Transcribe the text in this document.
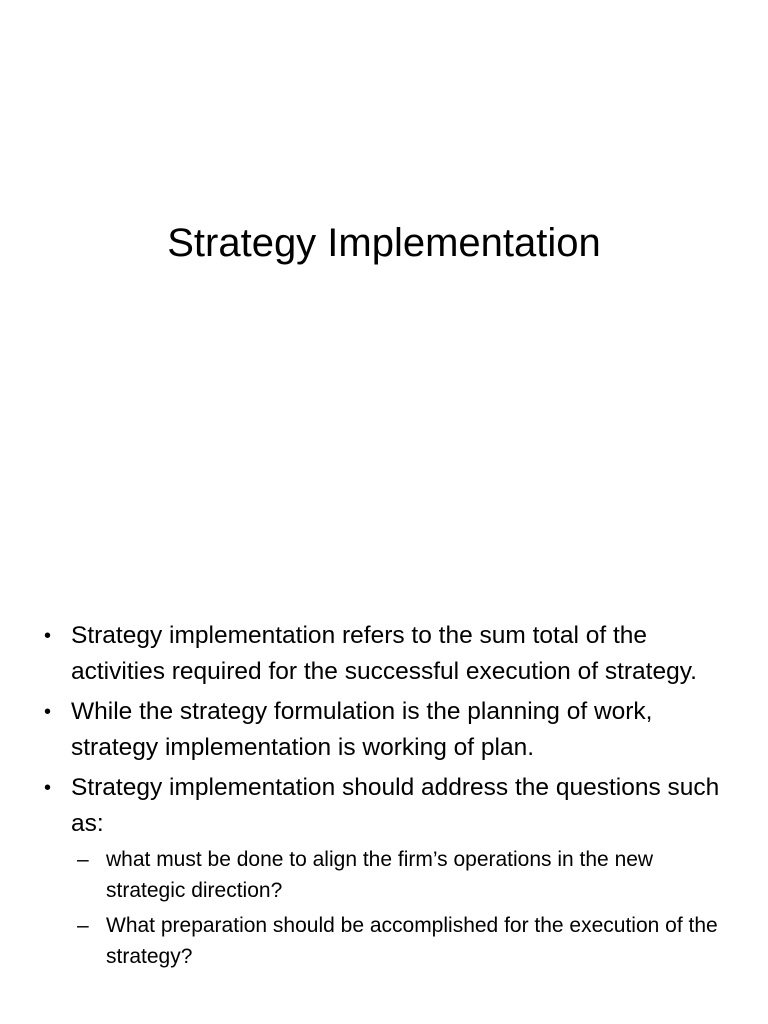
Strategy Implementation
• Strategy implementation refers to the sum total of the activities required for the successful execution of strategy.
• While the strategy formulation is the planning of work, strategy implementation is working of plan.
• Strategy implementation should address the questions such as:
– what must be done to align the firm’s operations in the new strategic direction?
– What preparation should be accomplished for the execution of the strategy?
